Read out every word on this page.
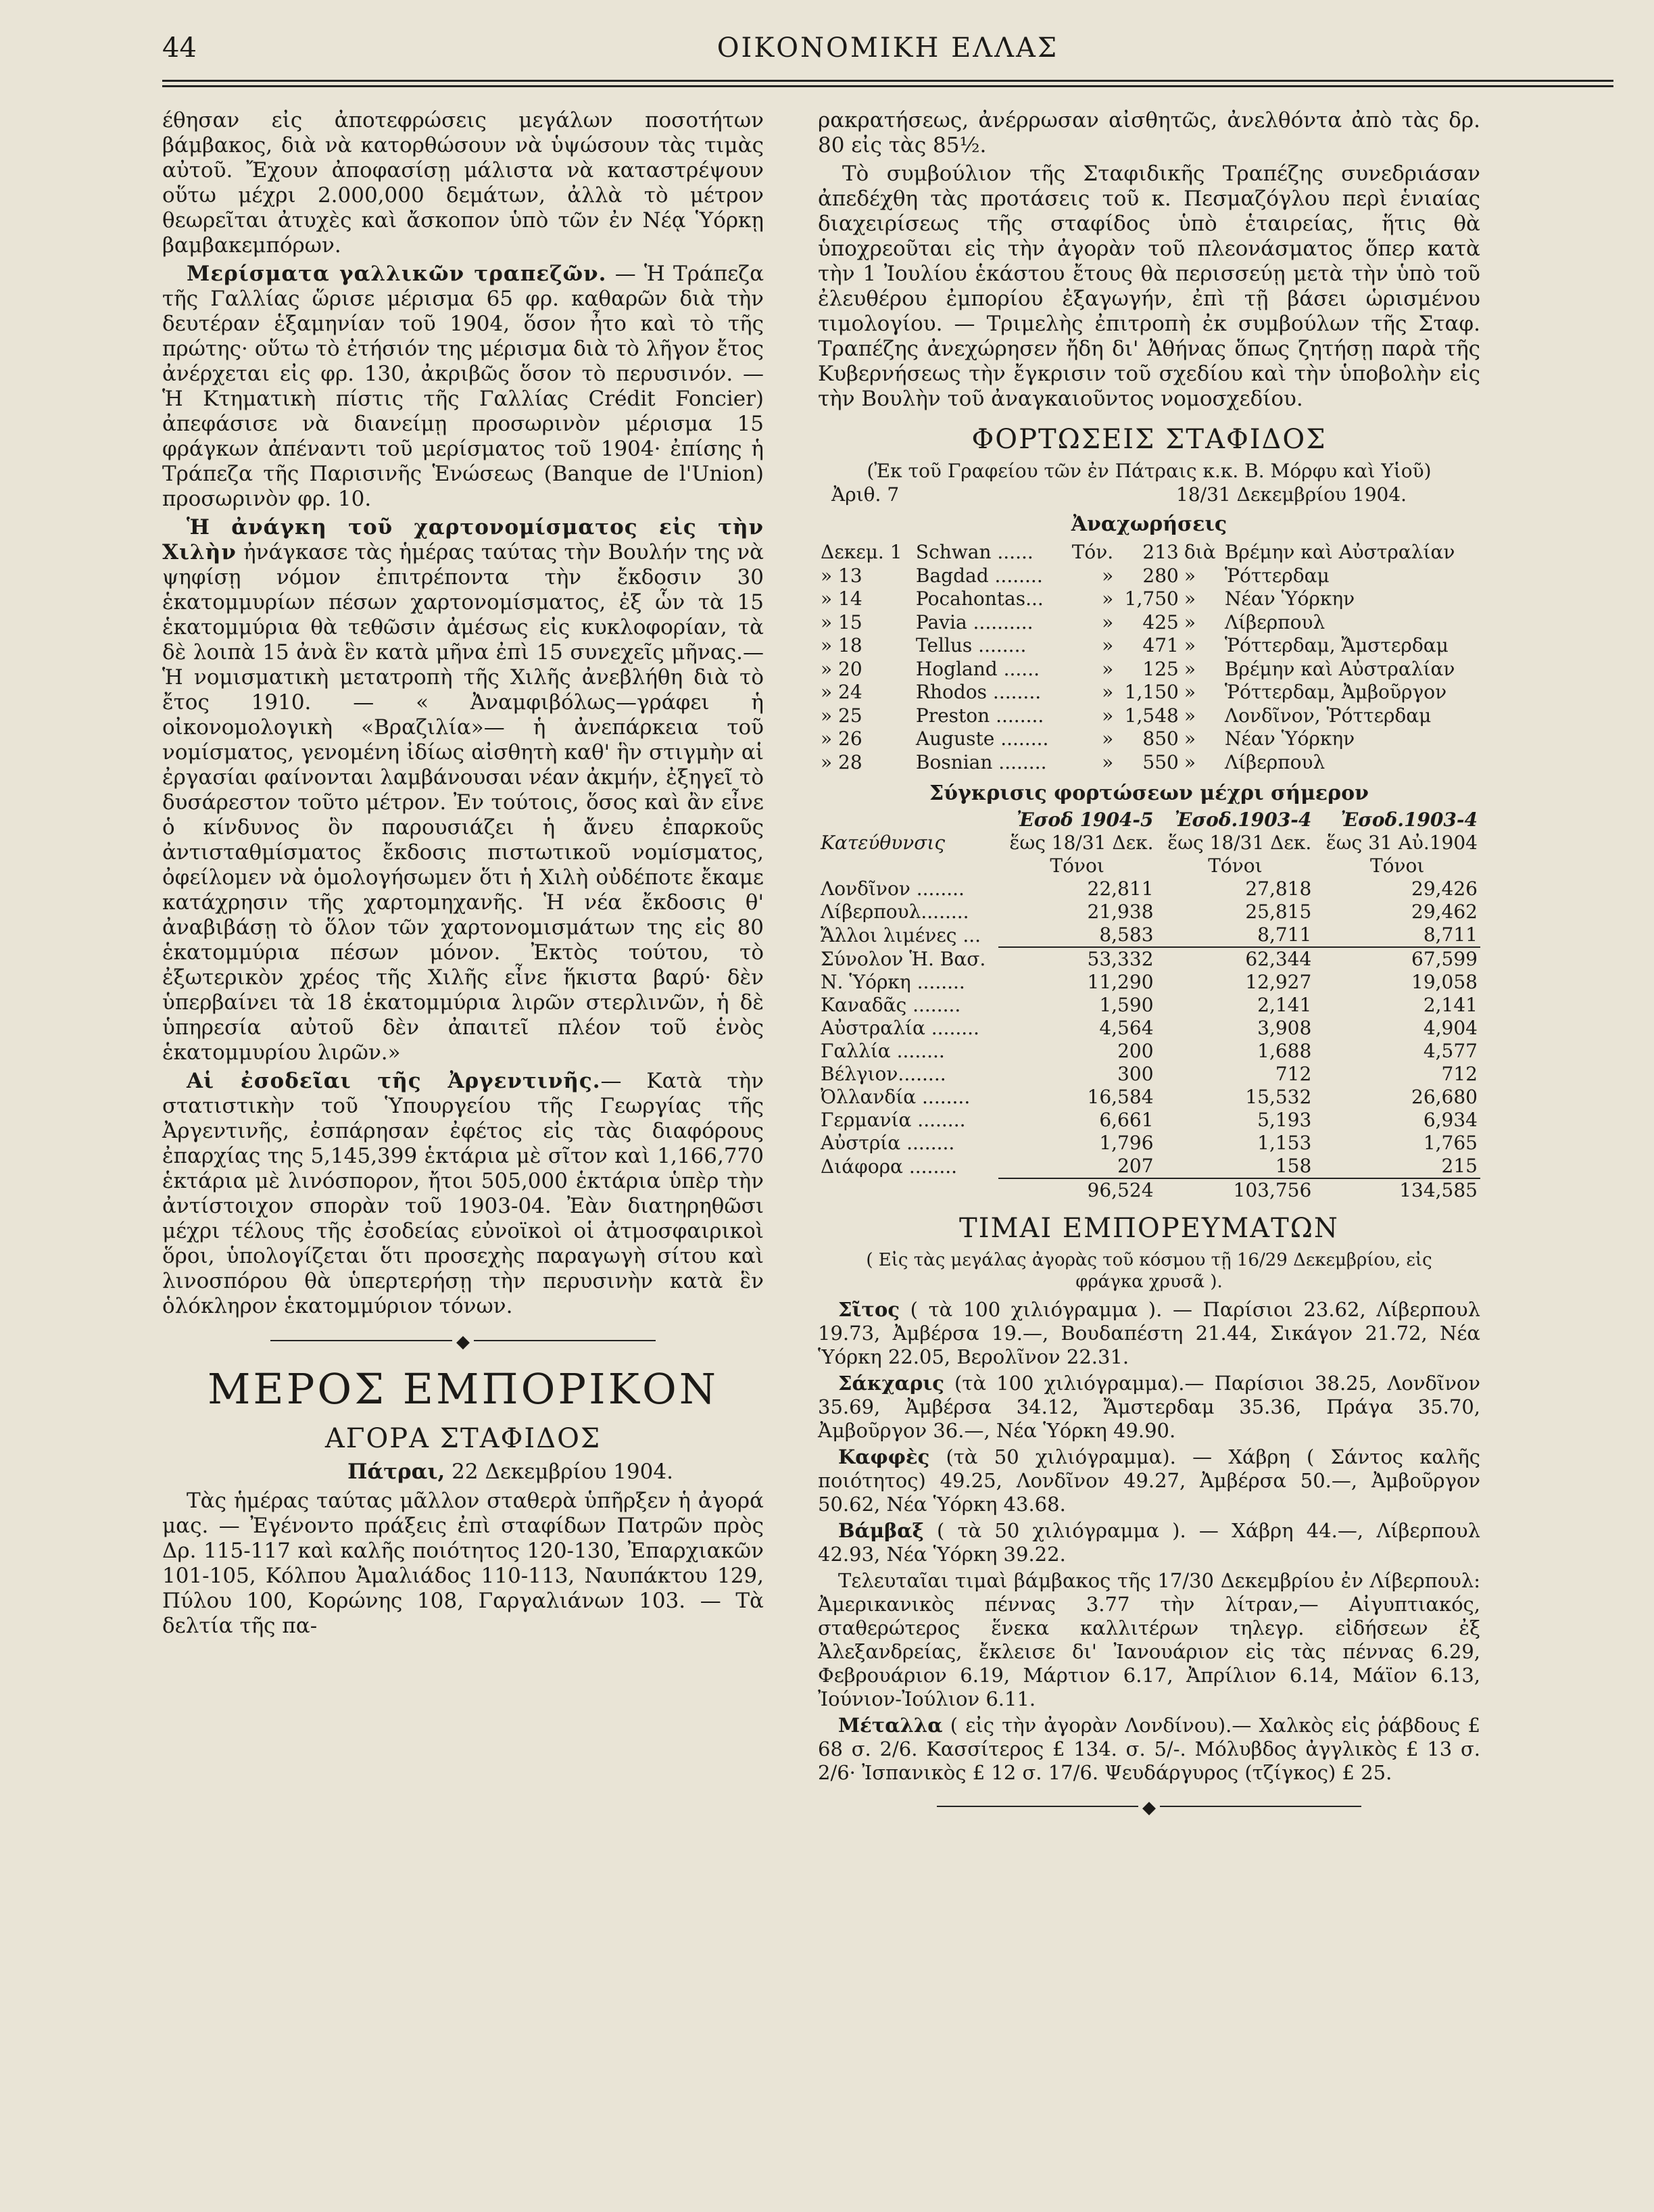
44	ΟΙΚΟΝΟΜΙΚΗ ΕΛΛΑΣ

έθησαν εἰς ἀποτεφρώσεις μεγάλων ποσοτήτων βάμβακος, διὰ νὰ κατορθώσουν νὰ ὑψώσουν τὰς τιμὰς αὐτοῦ. Ἔχουν ἀποφασίσῃ μάλιστα νὰ καταστρέψουν οὕτω μέχρι 2.000,000 δεμάτων, ἀλλὰ τὸ μέτρον θεωρεῖται ἀτυχὲς καὶ ἄσκοπον ὑπὸ τῶν ἐν Νέᾳ Ὑόρκῃ βαμβακεμπόρων.

Μερίσματα γαλλικῶν τραπεζῶν. — Ἡ Τράπεζα τῆς Γαλλίας ὥρισε μέρισμα 65 φρ. καθαρῶν διὰ τὴν δευτέραν ἑξαμηνίαν τοῦ 1904, ὅσον ἦτο καὶ τὸ τῆς πρώτης· οὕτω τὸ ἐτήσιόν της μέρισμα διὰ τὸ λῆγον ἔτος ἀνέρχεται εἰς φρ. 130, ἀκριβῶς ὅσον τὸ περυσινόν. — Ἡ Κτηματικὴ πίστις τῆς Γαλλίας Crédit Foncier) ἀπεφάσισε νὰ διανείμῃ προσωρινὸν μέρισμα 15 φράγκων ἀπέναντι τοῦ μερίσματος τοῦ 1904· ἐπίσης ἡ Τράπεζα τῆς Παρισινῆς Ἑνώσεως (Banque de l'Union) προσωρινὸν φρ. 10.

Ἡ ἀνάγκη τοῦ χαρτονομίσματος εἰς τὴν Χιλὴν ἠνάγκασε τὰς ἡμέρας ταύτας τὴν Βουλήν της νὰ ψηφίσῃ νόμον ἐπιτρέποντα τὴν ἔκδοσιν 30 ἑκατομμυρίων πέσων χαρτονομίσματος, ἐξ ὧν τὰ 15 ἑκατομμύρια θὰ τεθῶσιν ἀμέσως εἰς κυκλοφορίαν, τὰ δὲ λοιπὰ 15 ἀνὰ ἓν κατὰ μῆνα ἐπὶ 15 συνεχεῖς μῆνας.— Ἡ νομισματικὴ μετατροπὴ τῆς Χιλῆς ἀνεβλήθη διὰ τὸ ἔτος 1910. — « Ἀναμφιβόλως—γράφει ἡ οἰκονομολογικὴ «Βραζιλία»— ἡ ἀνεπάρκεια τοῦ νομίσματος, γενομένη ἰδίως αἰσθητὴ καθ' ἣν στιγμὴν αἱ ἐργασίαι φαίνονται λαμβάνουσαι νέαν ἀκμήν, ἐξηγεῖ τὸ δυσάρεστον τοῦτο μέτρον. Ἐν τούτοις, ὅσος καὶ ἂν εἶνε ὁ κίνδυνος ὃν παρουσιάζει ἡ ἄνευ ἐπαρκοῦς ἀντισταθμίσματος ἔκδοσις πιστωτικοῦ νομίσματος, ὀφείλομεν νὰ ὁμολογήσωμεν ὅτι ἡ Χιλὴ οὐδέποτε ἔκαμε κατάχρησιν τῆς χαρτομηχανῆς. Ἡ νέα ἔκδοσις θ' ἀναβιβάσῃ τὸ ὅλον τῶν χαρτονομισμάτων της εἰς 80 ἑκατομμύρια πέσων μόνον. Ἐκτὸς τούτου, τὸ ἐξωτερικὸν χρέος τῆς Χιλῆς εἶνε ἥκιστα βαρύ· δὲν ὑπερβαίνει τὰ 18 ἑκατομμύρια λιρῶν στερλινῶν, ἡ δὲ ὑπηρεσία αὐτοῦ δὲν ἀπαιτεῖ πλέον τοῦ ἑνὸς ἑκατομμυρίου λιρῶν.»

Αἱ ἐσοδεῖαι τῆς Ἀργεντινῆς.— Κατὰ τὴν στατιστικὴν τοῦ Ὑπουργείου τῆς Γεωργίας τῆς Ἀργεντινῆς, ἐσπάρησαν ἐφέτος εἰς τὰς διαφόρους ἐπαρχίας της 5,145,399 ἑκτάρια μὲ σῖτον καὶ 1,166,770 ἑκτάρια μὲ λινόσπορον, ἤτοι 505,000 ἑκτάρια ὑπὲρ τὴν ἀντίστοιχον σπορὰν τοῦ 1903-04. Ἐὰν διατηρηθῶσι μέχρι τέλους τῆς ἐσοδείας εὐνοϊκοὶ οἱ ἀτμοσφαιρικοὶ ὅροι, ὑπολογίζεται ὅτι προσεχὴς παραγωγὴ σίτου καὶ λινοσπόρου θὰ ὑπερτερήσῃ τὴν περυσινὴν κατὰ ἓν ὁλόκληρον ἑκατομμύριον τόνων.

◆
ΜΕΡΟΣ ΕΜΠΟΡΙΚΟΝ
ΑΓΟΡΑ ΣΤΑΦΙΔΟΣ
Πάτραι, 22 Δεκεμβρίου 1904.

Τὰς ἡμέρας ταύτας μᾶλλον σταθερὰ ὑπῆρξεν ἡ ἀγορά μας. — Ἐγένοντο πράξεις ἐπὶ σταφίδων Πατρῶν πρὸς Δρ. 115-117 καὶ καλῆς ποιότητος 120-130, Ἐπαρχιακῶν 101-105, Κόλπου Ἀμαλιάδος 110-113, Ναυπάκτου 129, Πύλου 100, Κορώνης 108, Γαργαλιάνων 103. — Τὰ δελτία τῆς πα-

ρακρατήσεως, ἀνέρρωσαν αἰσθητῶς, ἀνελθόντα ἀπὸ τὰς δρ. 80 εἰς τὰς 85½.

Τὸ συμβούλιον τῆς Σταφιδικῆς Τραπέζης συνεδριάσαν ἀπεδέχθη τὰς προτάσεις τοῦ κ. Πεσμαζόγλου περὶ ἑνιαίας διαχειρίσεως τῆς σταφίδος ὑπὸ ἑταιρείας, ἥτις θὰ ὑποχρεοῦται εἰς τὴν ἀγορὰν τοῦ πλεονάσματος ὅπερ κατὰ τὴν 1 Ἰουλίου ἑκάστου ἔτους θὰ περισσεύῃ μετὰ τὴν ὑπὸ τοῦ ἐλευθέρου ἐμπορίου ἐξαγωγήν, ἐπὶ τῇ βάσει ὡρισμένου τιμολογίου. — Τριμελὴς ἐπιτροπὴ ἐκ συμβούλων τῆς Σταφ. Τραπέζης ἀνεχώρησεν ἤδη δι' Ἀθήνας ὅπως ζητήσῃ παρὰ τῆς Κυβερνήσεως τὴν ἔγκρισιν τοῦ σχεδίου καὶ τὴν ὑποβολὴν εἰς τὴν Βουλὴν τοῦ ἀναγκαιοῦντος νομοσχεδίου.

ΦΟΡΤΩΣΕΙΣ ΣΤΑΦΙΔΟΣ
(Ἐκ τοῦ Γραφείου τῶν ἐν Πάτραις κ.κ. Β. Μόρφυ καὶ Υἱοῦ)
Ἀριθ. 7	18/31 Δεκεμβρίου 1904.
Ἀναχωρήσεις
Δεκεμ. 1	Schwan ......	Τόν.	213	διὰ	Βρέμην καὶ Αὐστραλίαν
» 13	Bagdad ........	»	280	»	Ῥόττερδαμ
» 14	Pocahontas...	»	1,750	»	Νέαν Ὑόρκην
» 15	Pavia ..........	»	425	»	Λίβερπουλ
» 18	Tellus ........	»	471	»	Ῥόττερδαμ, Ἄμστερδαμ
» 20	Hogland ......	»	125	»	Βρέμην καὶ Αὐστραλίαν
» 24	Rhodos ........	»	1,150	»	Ῥόττερδαμ, Ἀμβοῦργον
» 25	Preston ........	»	1,548	»	Λονδῖνον, Ῥόττερδαμ
» 26	Auguste ........	»	850	»	Νέαν Ὑόρκην
» 28	Bosnian ........	»	550	»	Λίβερπουλ
Σύγκρισις φορτώσεων μέχρι σήμερον
	Ἐσοδ 1904-5	Ἐσοδ.1903-4	Ἐσοδ.1903-4
Κατεύθυνσις	ἕως 18/31 Δεκ.	ἕως 18/31 Δεκ.	ἕως 31 Αὐ.1904
	Τόνοι	Τόνοι	Τόνοι
Λονδῖνον ........	22,811	27,818	29,426
Λίβερπουλ........	21,938	25,815	29,462
Ἄλλοι λιμένες ...	8,583	8,711	8,711
Σύνολον Ἡ. Βασ.	53,332	62,344	67,599
Ν. Ὑόρκη ........	11,290	12,927	19,058
Καναδᾶς ........	1,590	2,141	2,141
Αὐστραλία ........	4,564	3,908	4,904
Γαλλία ........	200	1,688	4,577
Βέλγιον........	300	712	712
Ὀλλανδία ........	16,584	15,532	26,680
Γερμανία ........	6,661	5,193	6,934
Αὐστρία ........	1,796	1,153	1,765
Διάφορα ........	207	158	215
	96,524	103,756	134,585
ΤΙΜΑΙ ΕΜΠΟΡΕΥΜΑΤΩΝ
( Εἰς τὰς μεγάλας ἀγορὰς τοῦ κόσμου τῇ 16/29 Δεκεμβρίου, εἰς φράγκα χρυσᾶ ).

Σῖτος ( τὰ 100 χιλιόγραμμα ). — Παρίσιοι 23.62, Λίβερπουλ 19.73, Ἀμβέρσα 19.—, Βουδαπέστη 21.44, Σικάγον 21.72, Νέα Ὑόρκη 22.05, Βερολῖνον 22.31.

Σάκχαρις (τὰ 100 χιλιόγραμμα).— Παρίσιοι 38.25, Λονδῖνον 35.69, Ἀμβέρσα 34.12, Ἄμστερδαμ 35.36, Πράγα 35.70, Ἀμβοῦργον 36.—, Νέα Ὑόρκη 49.90.

Καφφὲς (τὰ 50 χιλιόγραμμα). — Χάβρη ( Σάντος καλῆς ποιότητος) 49.25, Λονδῖνον 49.27, Ἀμβέρσα 50.—, Ἀμβοῦργον 50.62, Νέα Ὑόρκη 43.68.

Βάμβαξ ( τὰ 50 χιλιόγραμμα ). — Χάβρη 44.—, Λίβερπουλ 42.93, Νέα Ὑόρκη 39.22.

Τελευταῖαι τιμαὶ βάμβακος τῆς 17/30 Δεκεμβρίου ἐν Λίβερπουλ: Ἀμερικανικὸς πέννας 3.77 τὴν λίτραν,— Αἰγυπτιακός, σταθερώτερος ἕνεκα καλλιτέρων τηλεγρ. εἰδήσεων ἐξ Ἀλεξανδρείας, ἔκλεισε δι' Ἰανουάριον εἰς τὰς πέννας 6.29, Φεβρουάριον 6.19, Μάρτιον 6.17, Ἀπρίλιον 6.14, Μάϊον 6.13, Ἰούνιον-Ἰούλιον 6.11.

Μέταλλα ( εἰς τὴν ἀγορὰν Λονδίνου).— Χαλκὸς εἰς ῥάβδους £ 68 σ. 2/6. Κασσίτερος £ 134. σ. 5/-. Μόλυβδος ἀγγλικὸς £ 13 σ. 2/6· Ἰσπανικὸς £ 12 σ. 17/6. Ψευδάργυρος (τζίγκος) £ 25.

◆
